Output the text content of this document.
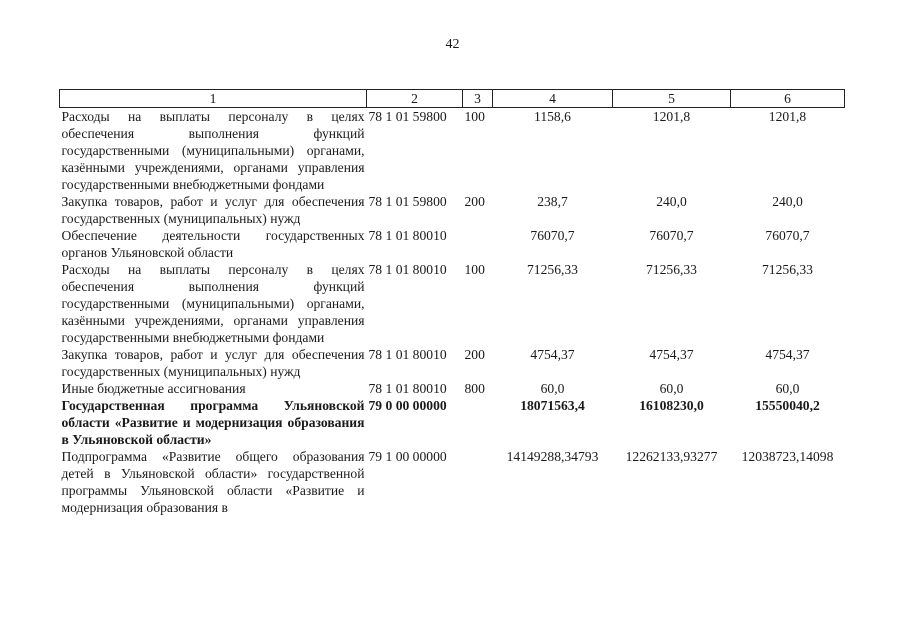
42
1	2	3	4	5	6
Расходы на выплаты персоналу в целях обеспечения выполнения функций государственными (муниципальными) органами, казёнными учреждениями, органами управления государственными внебюджетными фондами	78 1 01 59800	100	1158,6	1201,8	1201,8
Закупка товаров, работ и услуг для обеспечения государственных (муниципальных) нужд	78 1 01 59800	200	238,7	240,0	240,0
Обеспечение деятельности государственных органов Ульяновской области	78 1 01 80010		76070,7	76070,7	76070,7
Расходы на выплаты персоналу в целях обеспечения выполнения функций государственными (муниципальными) органами, казёнными учреждениями, органами управления государственными внебюджетными фондами	78 1 01 80010	100	71256,33	71256,33	71256,33
Закупка товаров, работ и услуг для обеспечения государственных (муниципальных) нужд	78 1 01 80010	200	4754,37	4754,37	4754,37
Иные бюджетные ассигнования	78 1 01 80010	800	60,0	60,0	60,0
Государственная программа Ульяновской области «Развитие и модернизация образования в Ульяновской области»	79 0 00 00000		18071563,4	16108230,0	15550040,2
Подпрограмма «Развитие общего образования детей в Ульяновской области» государственной программы Ульяновской области «Развитие и модернизация образования в	79 1 00 00000		14149288,34793	12262133,93277	12038723,14098
